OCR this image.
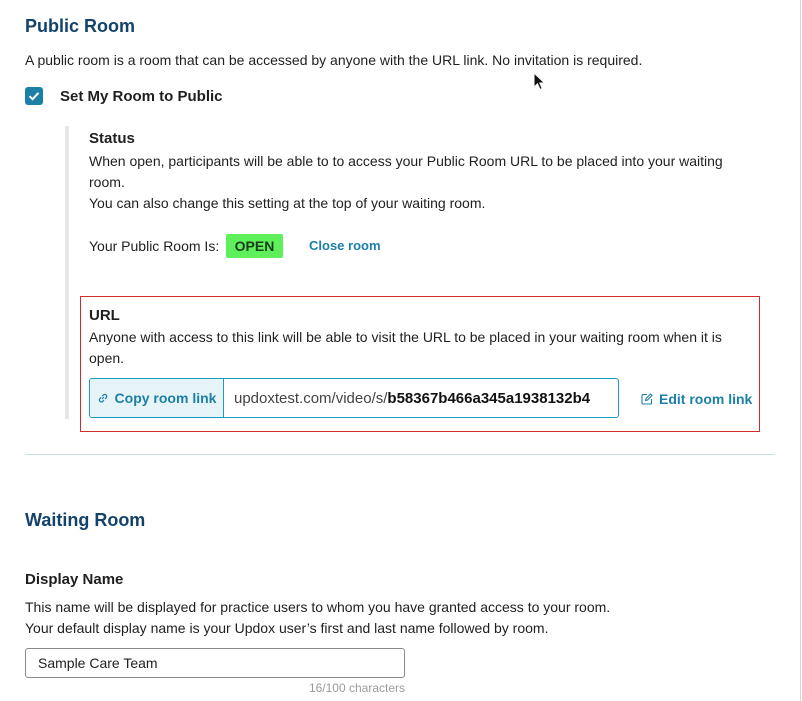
Public Room
A public room is a room that can be accessed by anyone with the URL link. No invitation is required.
Set My Room to Public
Status
When open, participants will be able to to access your Public Room URL to be placed into your waiting
room.
You can also change this setting at the top of your waiting room.
Your Public Room Is:	OPEN	Close room
URL
Anyone with access to this link will be able to visit the URL to be placed in your waiting room when it is
open.
Copy room link updoxtest.com/video/s/ b58367b466a345a1938132b4	Edit room link
Waiting Room
Display Name
This name will be displayed for practice users to whom you have granted access to your room.
Your default display name is your Updox user’s first and last name followed by room.
Sample Care Team
16/100 characters
